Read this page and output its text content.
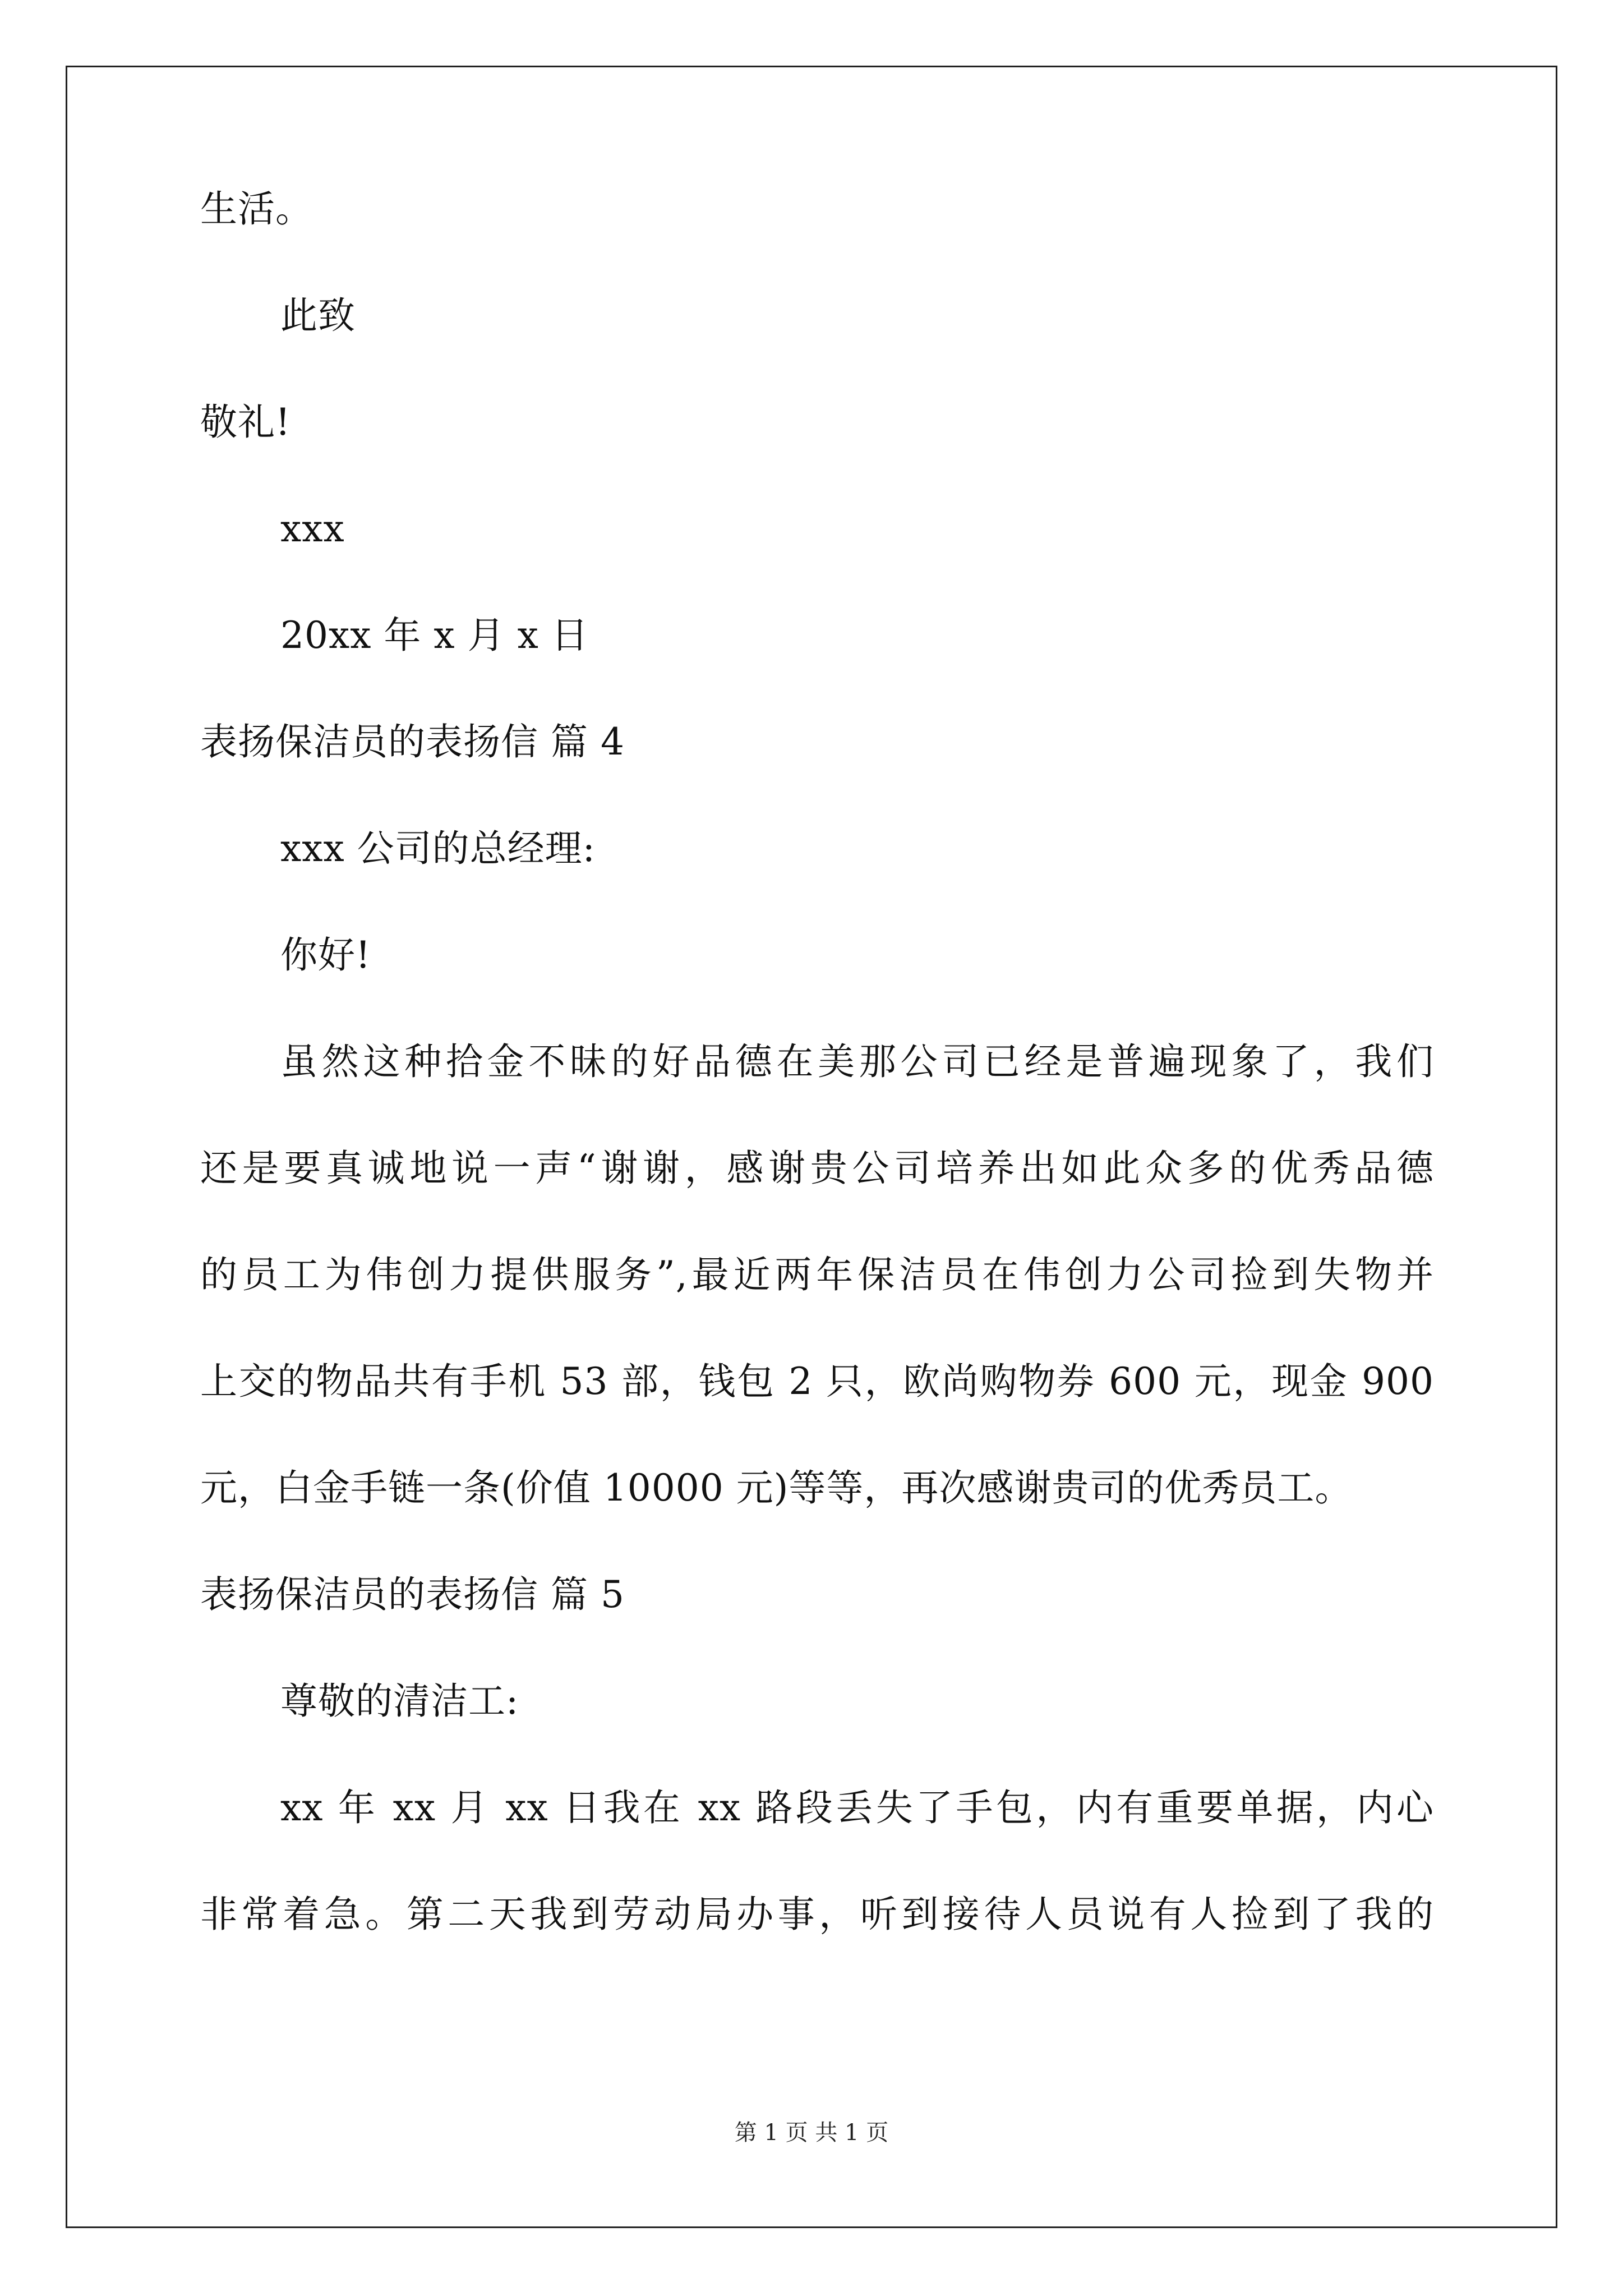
生活。
此致
敬礼!
xxx
20xx 年 x 月 x 日
表扬保洁员的表扬信 篇 4
xxx 公司的总经理:
你好!
虽然这种拾金不昧的好品德在美那公司已经是普遍现象了，我们
还是要真诚地说一声“谢谢，感谢贵公司培养出如此众多的优秀品德
的员工为伟创力提供服务”,最近两年保洁员在伟创力公司捡到失物并
上交的物品共有手机 53 部，钱包 2 只，欧尚购物券 600 元，现金 900
元，白金手链一条(价值 10000 元)等等，再次感谢贵司的优秀员工。
表扬保洁员的表扬信 篇 5
尊敬的清洁工:
xx 年 xx 月 xx 日我在 xx 路段丢失了手包，内有重要单据，内心
非常着急。第二天我到劳动局办事，听到接待人员说有人捡到了我的
第 1 页 共 1 页
